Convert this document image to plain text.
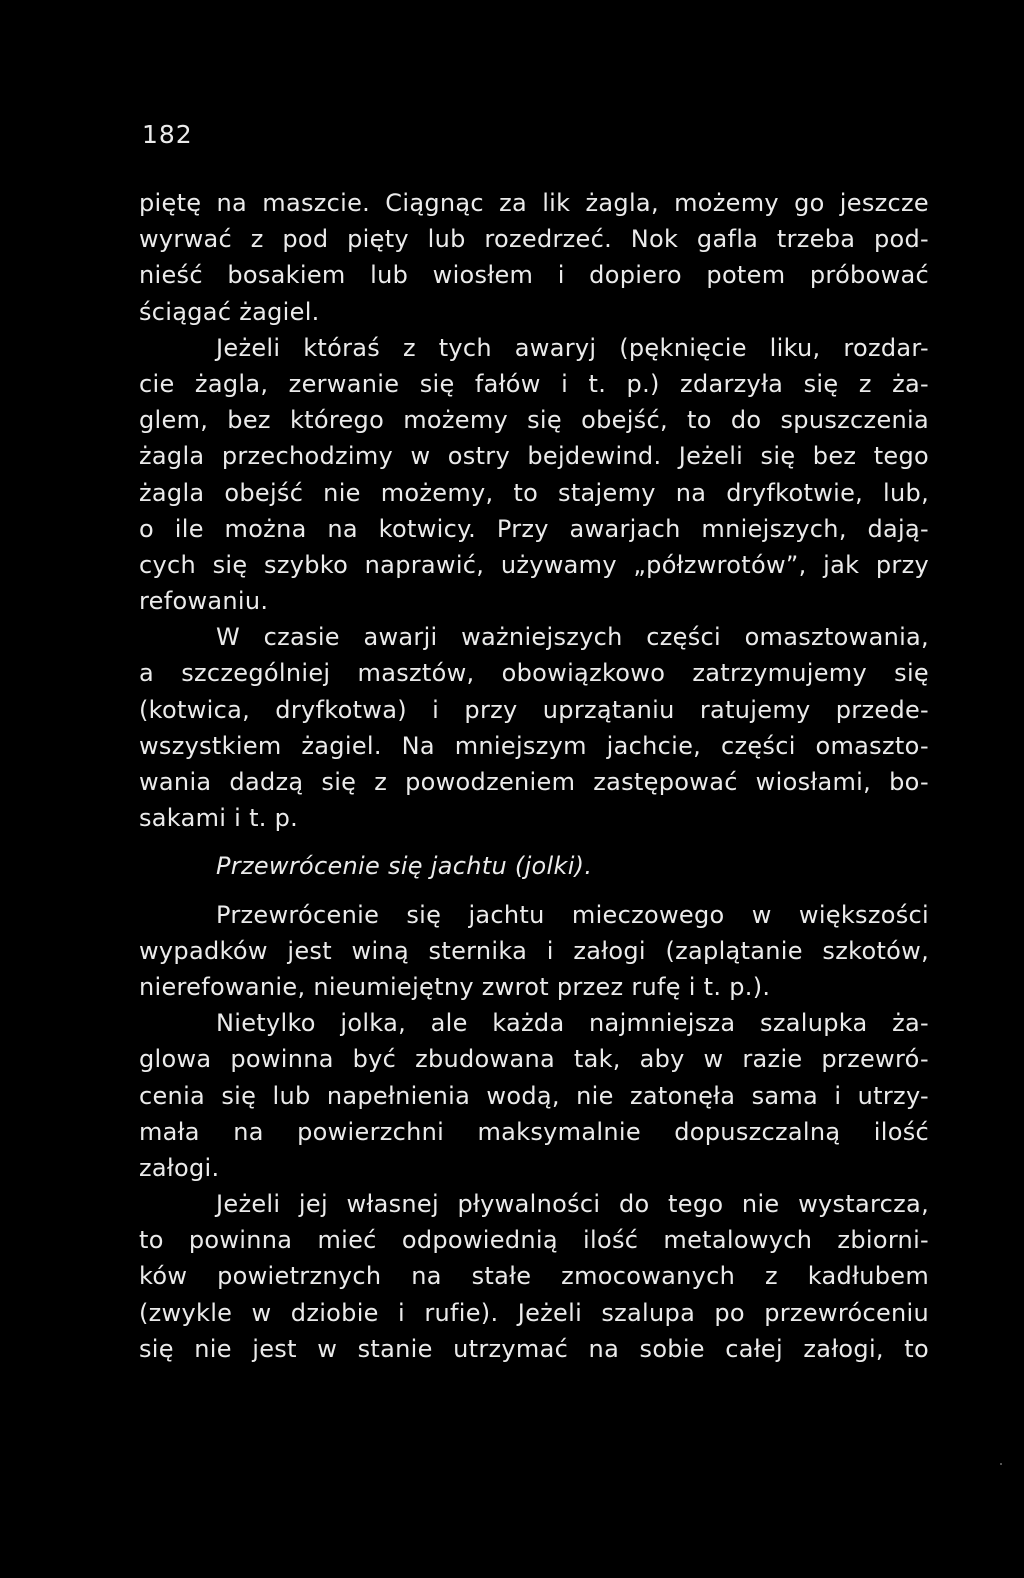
182
piętę na maszcie. Ciągnąc za lik żagla, możemy go jeszcze
wyrwać z pod pięty lub rozedrzeć. Nok gafla trzeba pod-
nieść bosakiem lub wiosłem i dopiero potem próbować
ściągać żagiel.
Jeżeli któraś z tych awaryj (pęknięcie liku, rozdar-
cie żagla, zerwanie się fałów i t. p.) zdarzyła się z ża-
glem, bez którego możemy się obejść, to do spuszczenia
żagla przechodzimy w ostry bejdewind. Jeżeli się bez tego
żagla obejść nie możemy, to stajemy na dryfkotwie, lub,
o ile można na kotwicy. Przy awarjach mniejszych, dają-
cych się szybko naprawić, używamy „półzwrotów”, jak przy
refowaniu.
W czasie awarji ważniejszych części omasztowania,
a szczególniej masztów, obowiązkowo zatrzymujemy się
(kotwica, dryfkotwa) i przy uprzątaniu ratujemy przede-
wszystkiem żagiel. Na mniejszym jachcie, części omaszto-
wania dadzą się z powodzeniem zastępować wiosłami, bo-
sakami i t. p.
Przewrócenie się jachtu (jolki).
Przewrócenie się jachtu mieczowego w większości
wypadków jest winą sternika i załogi (zaplątanie szkotów,
nierefowanie, nieumiejętny zwrot przez rufę i t. p.).
Nietylko jolka, ale każda najmniejsza szalupka ża-
glowa powinna być zbudowana tak, aby w razie przewró-
cenia się lub napełnienia wodą, nie zatonęła sama i utrzy-
mała na powierzchni maksymalnie dopuszczalną ilość
załogi.
Jeżeli jej własnej pływalności do tego nie wystarcza,
to powinna mieć odpowiednią ilość metalowych zbiorni-
ków powietrznych na stałe zmocowanych z kadłubem
(zwykle w dziobie i rufie). Jeżeli szalupa po przewróceniu
się nie jest w stanie utrzymać na sobie całej załogi, to
